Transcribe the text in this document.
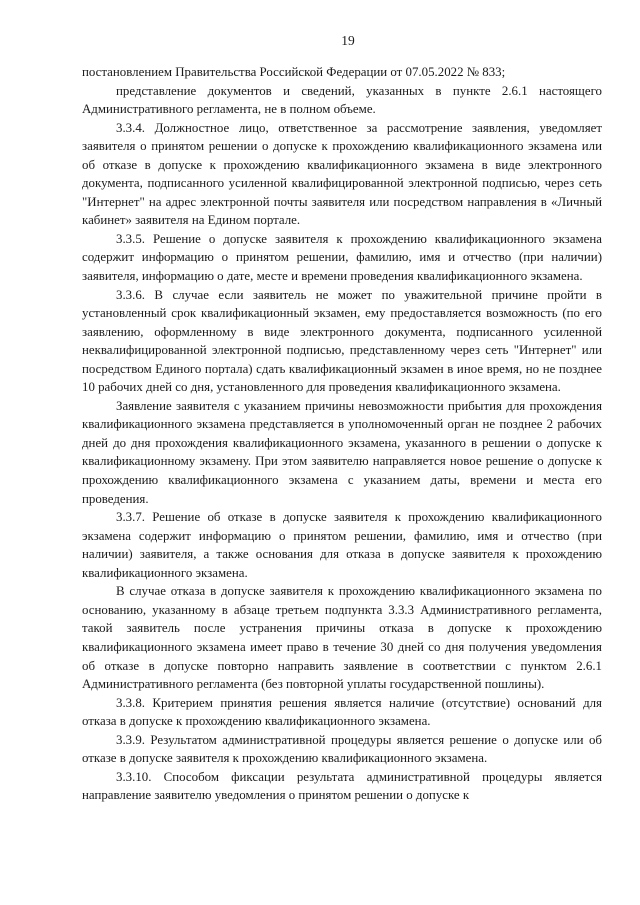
19

постановлением Правительства Российской Федерации от 07.05.2022 № 833;

представление документов и сведений, указанных в пункте 2.6.1 настоящего Административного регламента, не в полном объеме.

3.3.4. Должностное лицо, ответственное за рассмотрение заявления, уведомляет заявителя о принятом решении о допуске к прохождению квалификационного экзамена или об отказе в допуске к прохождению квалификационного экзамена в виде электронного документа, подписанного усиленной квалифицированной электронной подписью, через сеть "Интернет" на адрес электронной почты заявителя или посредством направления в «Личный кабинет» заявителя на Едином портале.

3.3.5. Решение о допуске заявителя к прохождению квалификационного экзамена содержит информацию о принятом решении, фамилию, имя и отчество (при наличии) заявителя, информацию о дате, месте и времени проведения квалификационного экзамена.

3.3.6. В случае если заявитель не может по уважительной причине пройти в установленный срок квалификационный экзамен, ему предоставляется возможность (по его заявлению, оформленному в виде электронного документа, подписанного усиленной неквалифицированной электронной подписью, представленному через сеть "Интернет" или посредством Единого портала) сдать квалификационный экзамен в иное время, но не позднее 10 рабочих дней со дня, установленного для проведения квалификационного экзамена.

Заявление заявителя с указанием причины невозможности прибытия для прохождения квалификационного экзамена представляется в уполномоченный орган не позднее 2 рабочих дней до дня прохождения квалификационного экзамена, указанного в решении о допуске к квалификационному экзамену. При этом заявителю направляется новое решение о допуске к прохождению квалификационного экзамена с указанием даты, времени и места его проведения.

3.3.7. Решение об отказе в допуске заявителя к прохождению квалификационного экзамена содержит информацию о принятом решении, фамилию, имя и отчество (при наличии) заявителя, а также основания для отказа в допуске заявителя к прохождению квалификационного экзамена.

В случае отказа в допуске заявителя к прохождению квалификационного экзамена по основанию, указанному в абзаце третьем подпункта 3.3.3 Административного регламента, такой заявитель после устранения причины отказа в допуске к прохождению квалификационного экзамена имеет право в течение 30 дней со дня получения уведомления об отказе в допуске повторно направить заявление в соответствии с пунктом 2.6.1 Административного регламента (без повторной уплаты государственной пошлины).

3.3.8. Критерием принятия решения является наличие (отсутствие) оснований для отказа в допуске к прохождению квалификационного экзамена.

3.3.9. Результатом административной процедуры является решение о допуске или об отказе в допуске заявителя к прохождению квалификационного экзамена.

3.3.10. Способом фиксации результата административной процедуры является направление заявителю уведомления о принятом решении о допуске к
